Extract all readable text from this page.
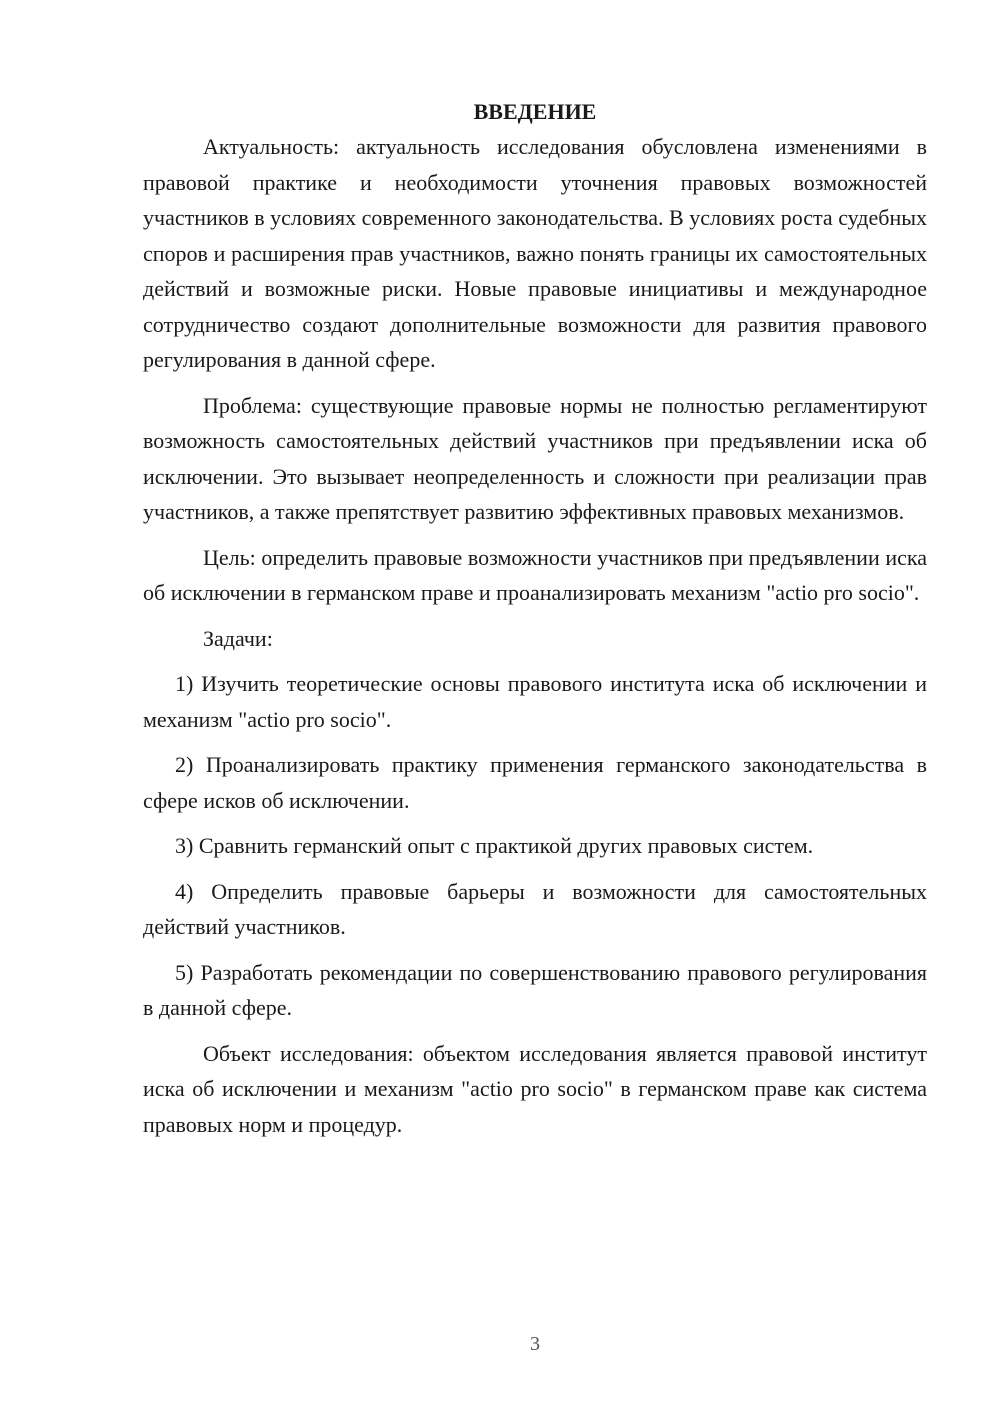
ВВЕДЕНИЕ

Актуальность: актуальность исследования обусловлена изменениями в правовой практике и необходимости уточнения правовых возможностей участников в условиях современного законодательства. В условиях роста судебных споров и расширения прав участников, важно понять границы их самостоятельных действий и возможные риски. Новые правовые инициативы и международное сотрудничество создают дополнительные возможности для развития правового регулирования в данной сфере.

Проблема: существующие правовые нормы не полностью регламентируют возможность самостоятельных действий участников при предъявлении иска об исключении. Это вызывает неопределенность и сложности при реализации прав участников, а также препятствует развитию эффективных правовых механизмов.

Цель: определить правовые возможности участников при предъявлении иска об исключении в германском праве и проанализировать механизм "actio pro socio".

Задачи:

1) Изучить теоретические основы правового института иска об исключении и механизм "actio pro socio".

2) Проанализировать практику применения германского законодательства в сфере исков об исключении.

3) Сравнить германский опыт с практикой других правовых систем.

4) Определить правовые барьеры и возможности для самостоятельных действий участников.

5) Разработать рекомендации по совершенствованию правового регулирования в данной сфере.

Объект исследования: объектом исследования является правовой институт иска об исключении и механизм "actio pro socio" в германском праве как система правовых норм и процедур.

3
